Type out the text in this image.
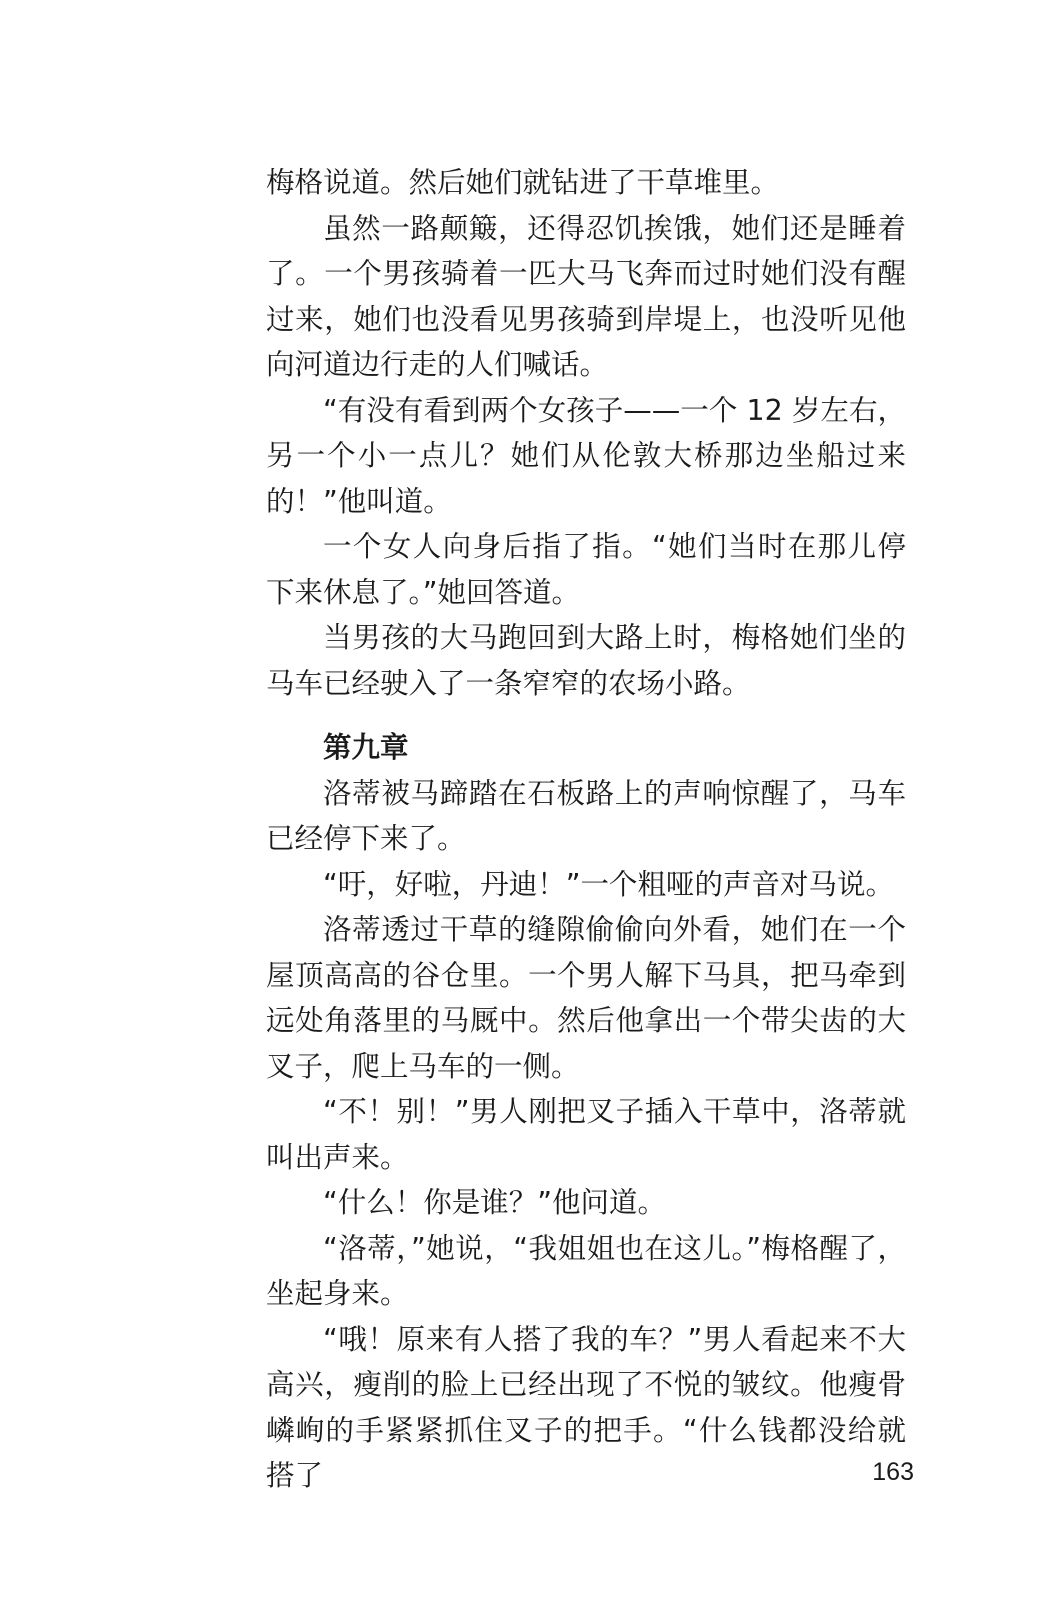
梅格说道。然后她们就钻进了干草堆里。

虽然一路颠簸，还得忍饥挨饿，她们还是睡着了。一个男孩骑着一匹大马飞奔而过时她们没有醒过来，她们也没看见男孩骑到岸堤上，也没听见他向河道边行走的人们喊话。

“有没有看到两个女孩子——一个 12 岁左右，另一个小一点儿？她们从伦敦大桥那边坐船过来的！”他叫道。

一个女人向身后指了指。“她们当时在那儿停下来休息了。”她回答道。

当男孩的大马跑回到大路上时，梅格她们坐的马车已经驶入了一条窄窄的农场小路。

第九章

洛蒂被马蹄踏在石板路上的声响惊醒了，马车已经停下来了。

“吁，好啦，丹迪！”一个粗哑的声音对马说。

洛蒂透过干草的缝隙偷偷向外看，她们在一个屋顶高高的谷仓里。一个男人解下马具，把马牵到远处角落里的马厩中。然后他拿出一个带尖齿的大叉子，爬上马车的一侧。

“不！别！”男人刚把叉子插入干草中，洛蒂就叫出声来。

“什么！你是谁？”他问道。

“洛蒂，”她说，“我姐姐也在这儿。”梅格醒了，坐起身来。

“哦！原来有人搭了我的车？”男人看起来不大高兴，瘦削的脸上已经出现了不悦的皱纹。他瘦骨嶙峋的手紧紧抓住叉子的把手。“什么钱都没给就搭了	163
